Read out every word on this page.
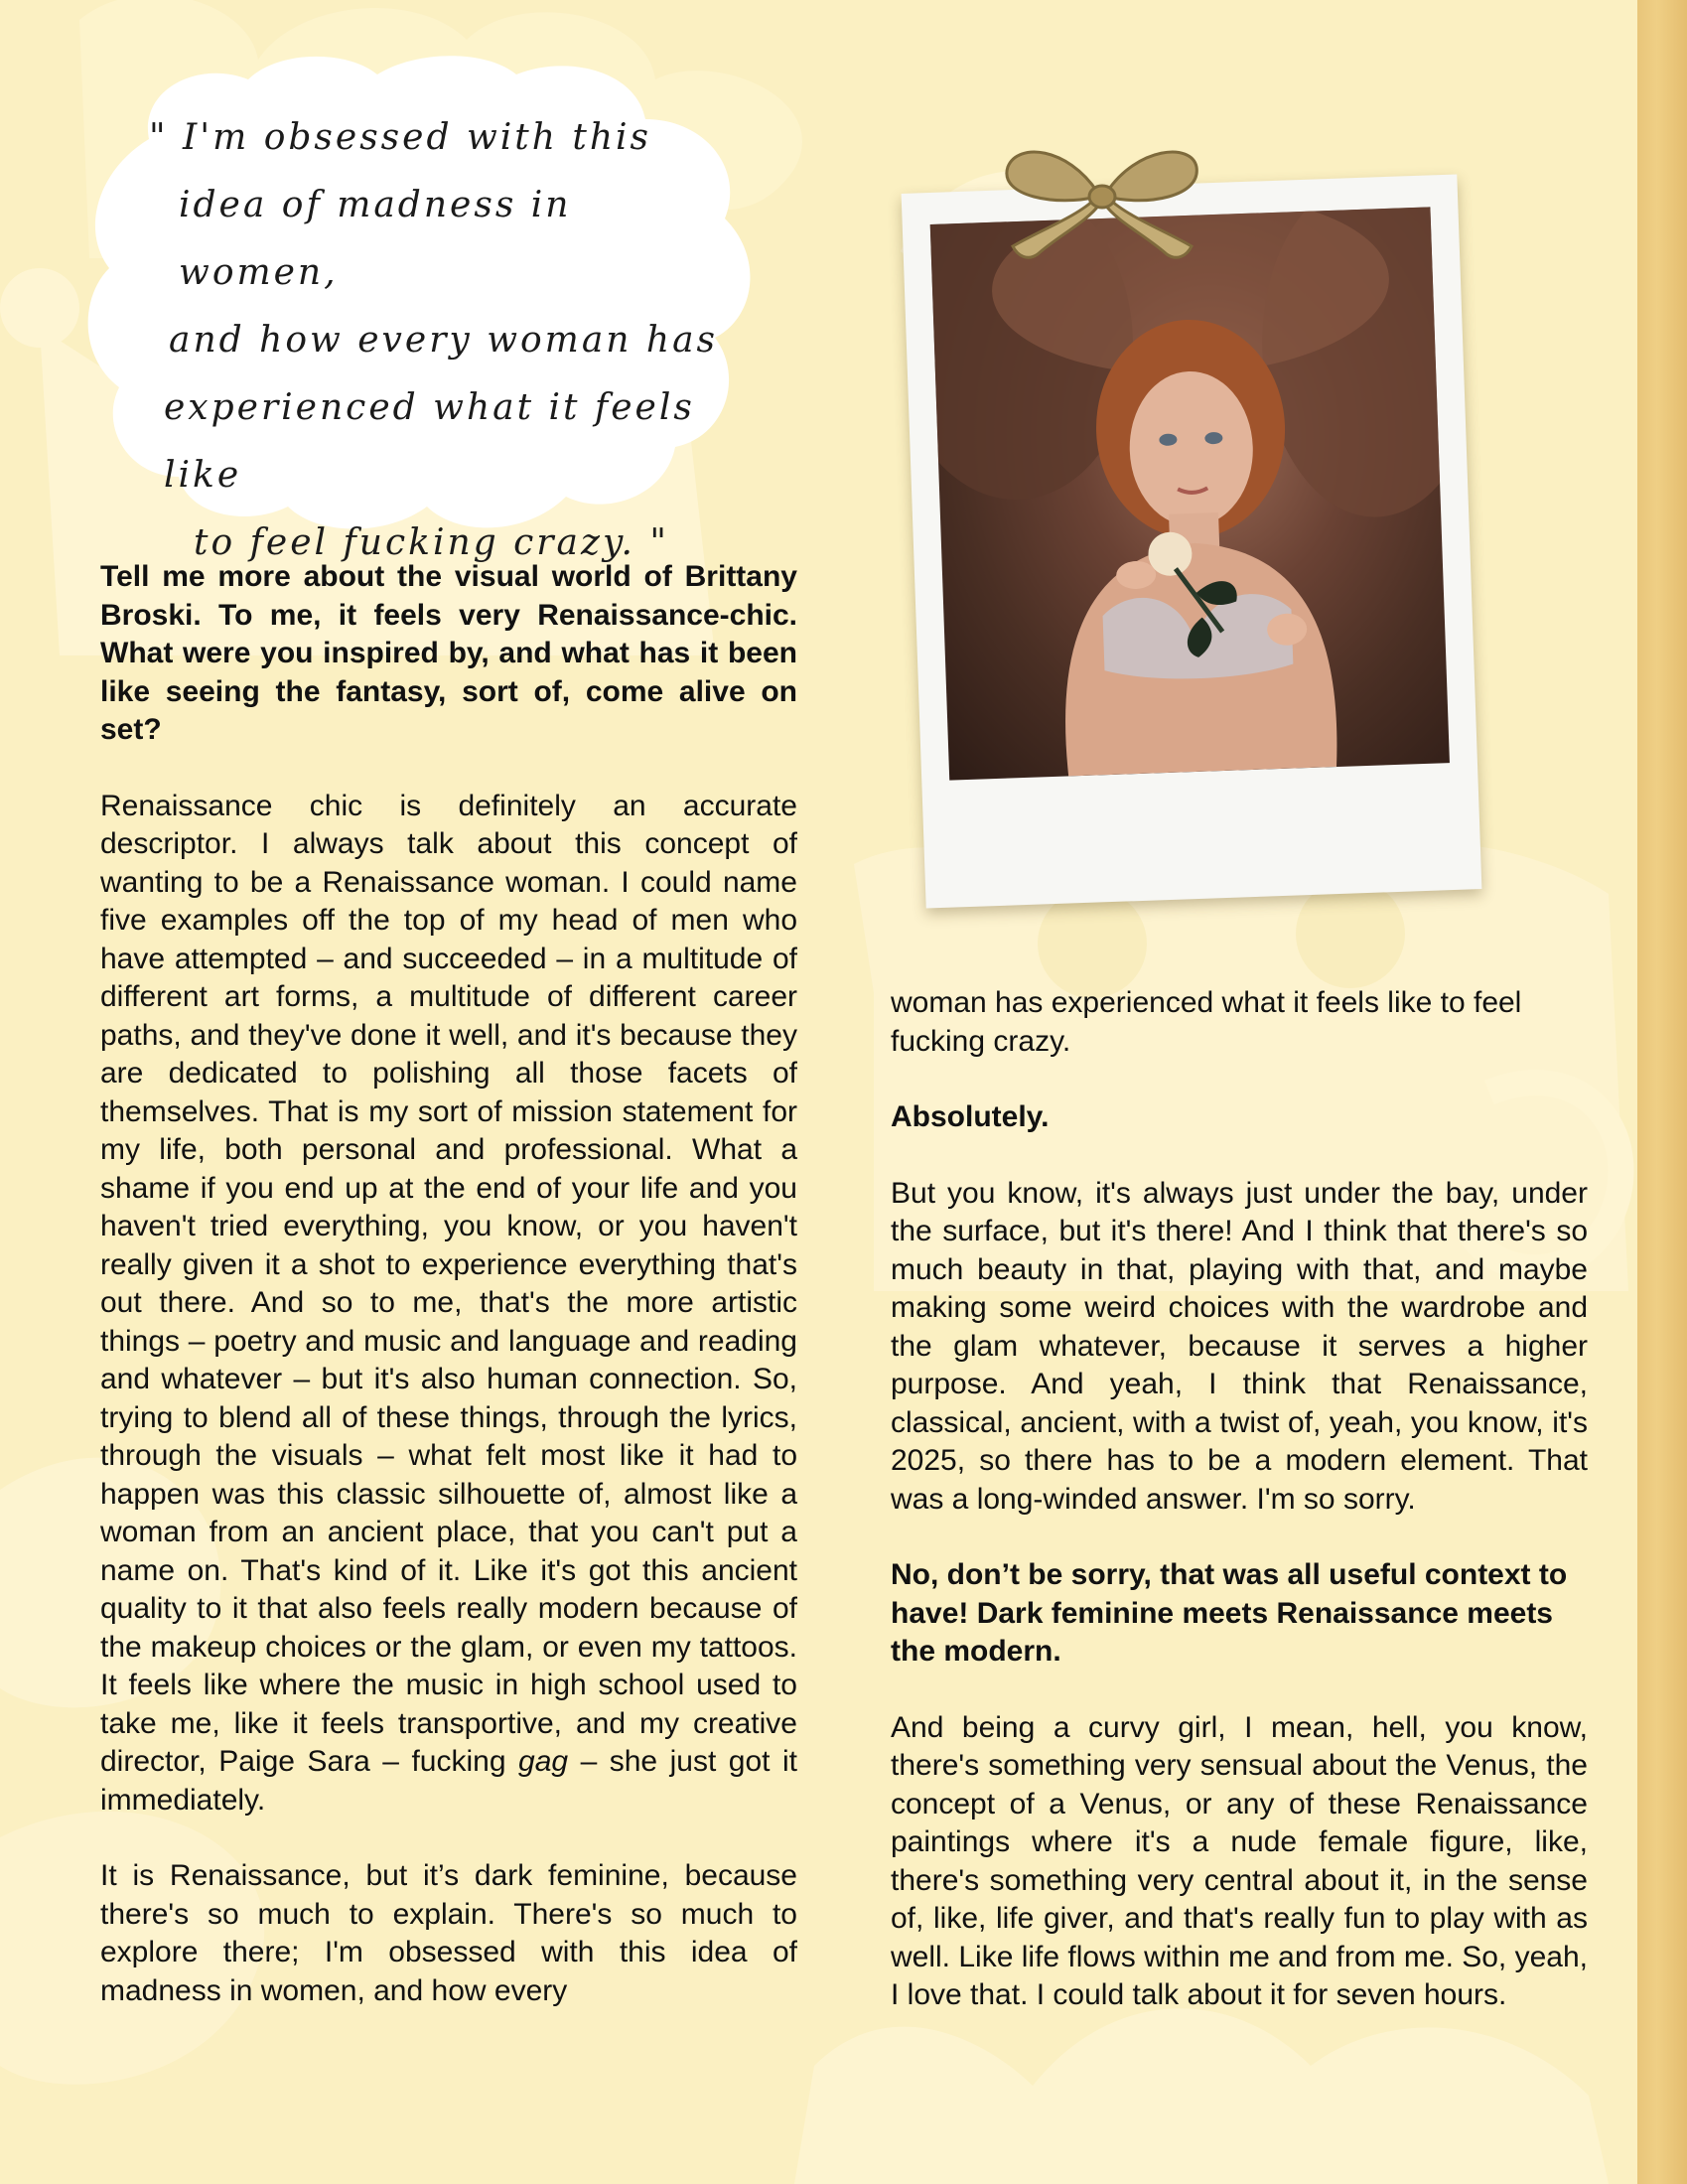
" I'm obsessed with this
idea of madness in women,
and how every woman has
experienced what it feels like
to feel fucking crazy. "

Tell me more about the visual world of Brittany Broski. To me, it feels very Renaissance-chic. What were you inspired by, and what has it been like seeing the fantasy, sort of, come alive on set?

Renaissance chic is definitely an accurate descriptor. I always talk about this concept of wanting to be a Renaissance woman. I could name five examples off the top of my head of men who have attempted – and succeeded – in a multitude of different art forms, a multitude of different career paths, and they've done it well, and it's because they are dedicated to polishing all those facets of themselves. That is my sort of mission statement for my life, both personal and professional. What a shame if you end up at the end of your life and you haven't tried everything, you know, or you haven't really given it a shot to experience everything that's out there. And so to me, that's the more artistic things – poetry and music and language and reading and whatever – but it's also human connection. So, trying to blend all of these things, through the lyrics, through the visuals – what felt most like it had to happen was this classic silhouette of, almost like a woman from an ancient place, that you can't put a name on. That's kind of it. Like it's got this ancient quality to it that also feels really modern because of the makeup choices or the glam, or even my tattoos. It feels like where the music in high school used to take me, like it feels transportive, and my creative director, Paige Sara – fucking gag – she just got it immediately.

It is Renaissance, but it’s dark feminine, because there's so much to explain. There's so much to explore there; I'm obsessed with this idea of madness in women, and how every

woman has experienced what it feels like to feel fucking crazy.

Absolutely.

But you know, it's always just under the bay, under the surface, but it's there! And I think that there's so much beauty in that, playing with that, and maybe making some weird choices with the wardrobe and the glam whatever, because it serves a higher purpose. And yeah, I think that Renaissance, classical, ancient, with a twist of, yeah, you know, it's 2025, so there has to be a modern element. That was a long-winded answer. I'm so sorry.

No, don’t be sorry, that was all useful context to have! Dark feminine meets Renaissance meets the modern.

And being a curvy girl, I mean, hell, you know, there's something very sensual about the Venus, the concept of a Venus, or any of these Renaissance paintings where it's a nude female figure, like, there's something very central about it, in the sense of, like, life giver, and that's really fun to play with as well. Like life flows within me and from me. So, yeah, I love that. I could talk about it for seven hours.
